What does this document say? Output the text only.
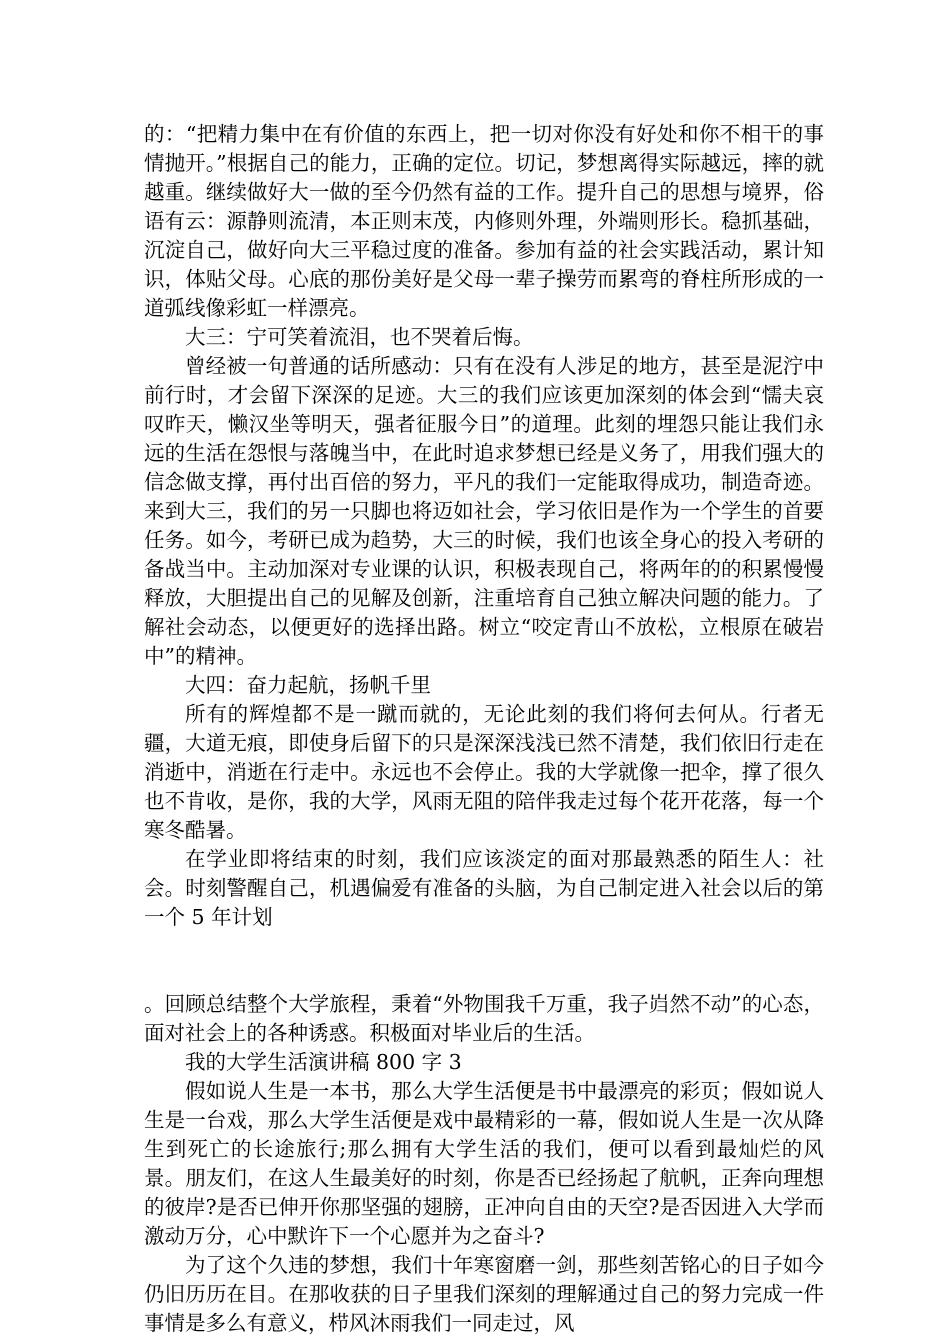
的：“把精力集中在有价值的东西上，把一切对你没有好处和你不相干的事情抛开。”根据自己的能力，正确的定位。切记，梦想离得实际越远，摔的就越重。继续做好大一做的至今仍然有益的工作。提升自己的思想与境界，俗语有云：源静则流清，本正则末茂，内修则外理，外端则形长。稳抓基础，沉淀自己，做好向大三平稳过度的准备。参加有益的社会实践活动，累计知识，体贴父母。心底的那份美好是父母一辈子操劳而累弯的脊柱所形成的一道弧线像彩虹一样漂亮。

大三：宁可笑着流泪，也不哭着后悔。

曾经被一句普通的话所感动：只有在没有人涉足的地方，甚至是泥泞中前行时，才会留下深深的足迹。大三的我们应该更加深刻的体会到“懦夫哀叹昨天，懒汉坐等明天，强者征服今日”的道理。此刻的埋怨只能让我们永远的生活在怨恨与落魄当中，在此时追求梦想已经是义务了，用我们强大的信念做支撑，再付出百倍的努力，平凡的我们一定能取得成功，制造奇迹。来到大三，我们的另一只脚也将迈如社会，学习依旧是作为一个学生的首要任务。如今，考研已成为趋势，大三的时候，我们也该全身心的投入考研的备战当中。主动加深对专业课的认识，积极表现自己，将两年的的积累慢慢释放，大胆提出自己的见解及创新，注重培育自己独立解决问题的能力。了解社会动态，以便更好的选择出路。树立“咬定青山不放松，立根原在破岩中”的精神。

大四：奋力起航，扬帆千里

所有的辉煌都不是一蹴而就的，无论此刻的我们将何去何从。行者无疆，大道无痕，即使身后留下的只是深深浅浅已然不清楚，我们依旧行走在消逝中，消逝在行走中。永远也不会停止。我的大学就像一把伞，撑了很久也不肯收，是你，我的大学，风雨无阻的陪伴我走过每个花开花落，每一个寒冬酷暑。

在学业即将结束的时刻，我们应该淡定的面对那最熟悉的陌生人：社会。时刻警醒自己，机遇偏爱有准备的头脑，为自己制定进入社会以后的第一个 5 年计划

。回顾总结整个大学旅程，秉着“外物围我千万重，我子岿然不动”的心态，面对社会上的各种诱惑。积极面对毕业后的生活。

我的大学生活演讲稿 800 字 3

假如说人生是一本书，那么大学生活便是书中最漂亮的彩页；假如说人生是一台戏，那么大学生活便是戏中最精彩的一幕，假如说人生是一次从降生到死亡的长途旅行;那么拥有大学生活的我们，便可以看到最灿烂的风景。朋友们，在这人生最美好的时刻，你是否已经扬起了航帆，正奔向理想的彼岸?是否已伸开你那坚强的翅膀，正冲向自由的天空?是否因进入大学而激动万分，心中默许下一个心愿并为之奋斗?

为了这个久违的梦想，我们十年寒窗磨一剑，那些刻苦铭心的日子如今仍旧历历在目。在那收获的日子里我们深刻的理解通过自己的努力完成一件事情是多么有意义，栉风沐雨我们一同走过，风
